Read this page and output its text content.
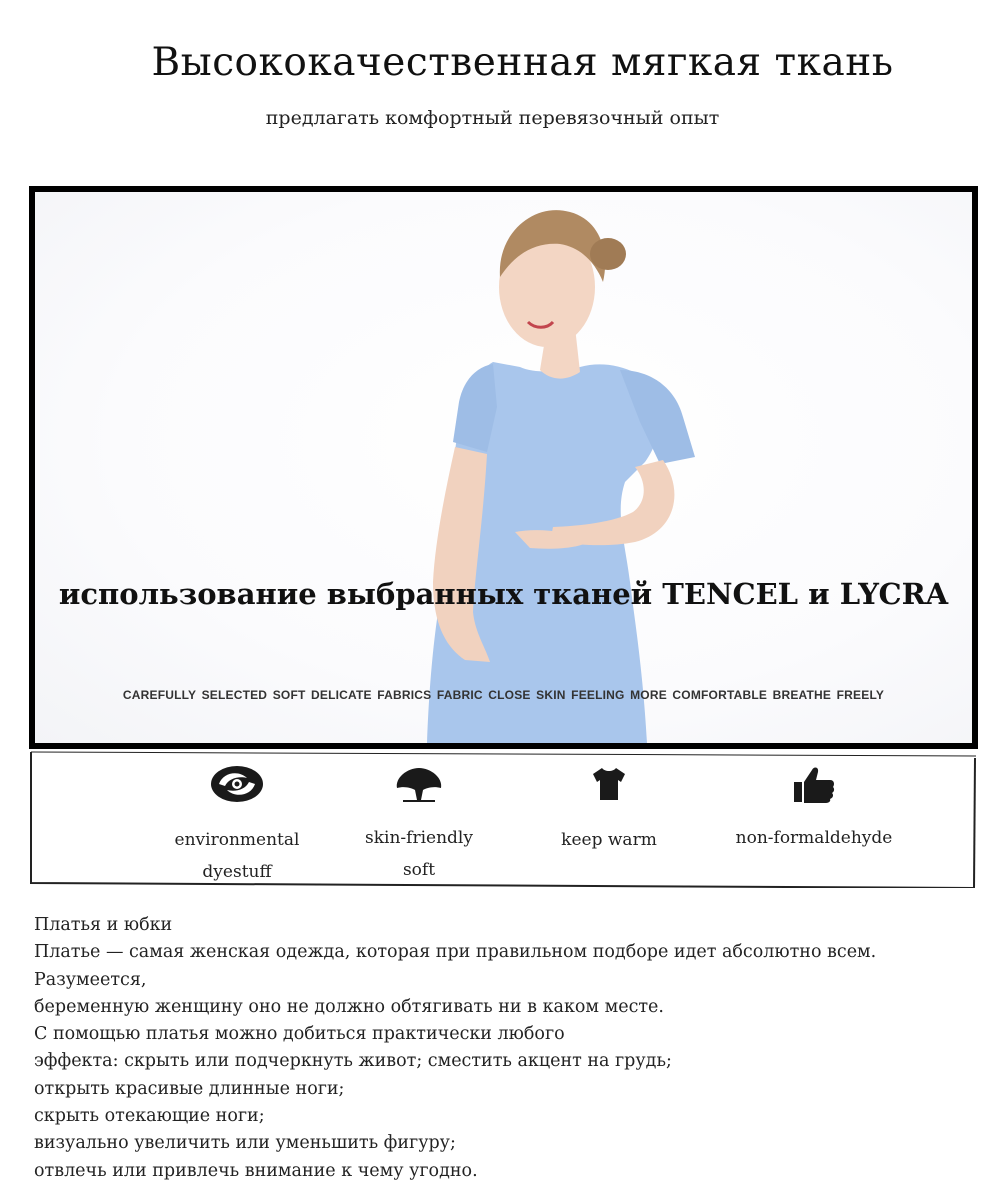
Высококачественная мягкая ткань
предлагать комфортный перевязочный опыт
использование выбранных тканей TENCEL и LYCRA
CAREFULLY SELECTED SOFT DELICATE FABRICS FABRIC CLOSE SKIN FEELING MORE COMFORTABLE BREATHE FREELY
environmental
dyestuff
skin-friendly
soft
keep warm	non-formaldehyde

Платья и юбки

Платье — самая женская одежда, которая при правильном подборе идет абсолютно всем. Разумеется,

беременную женщину оно не должно обтягивать ни в каком месте.

С помощью платья можно добиться практически любого

эффекта: скрыть или подчеркнуть живот; сместить акцент на грудь;

открыть красивые длинные ноги;

скрыть отекающие ноги;

визуально увеличить или уменьшить фигуру;

отвлечь или привлечь внимание к чему угодно.
